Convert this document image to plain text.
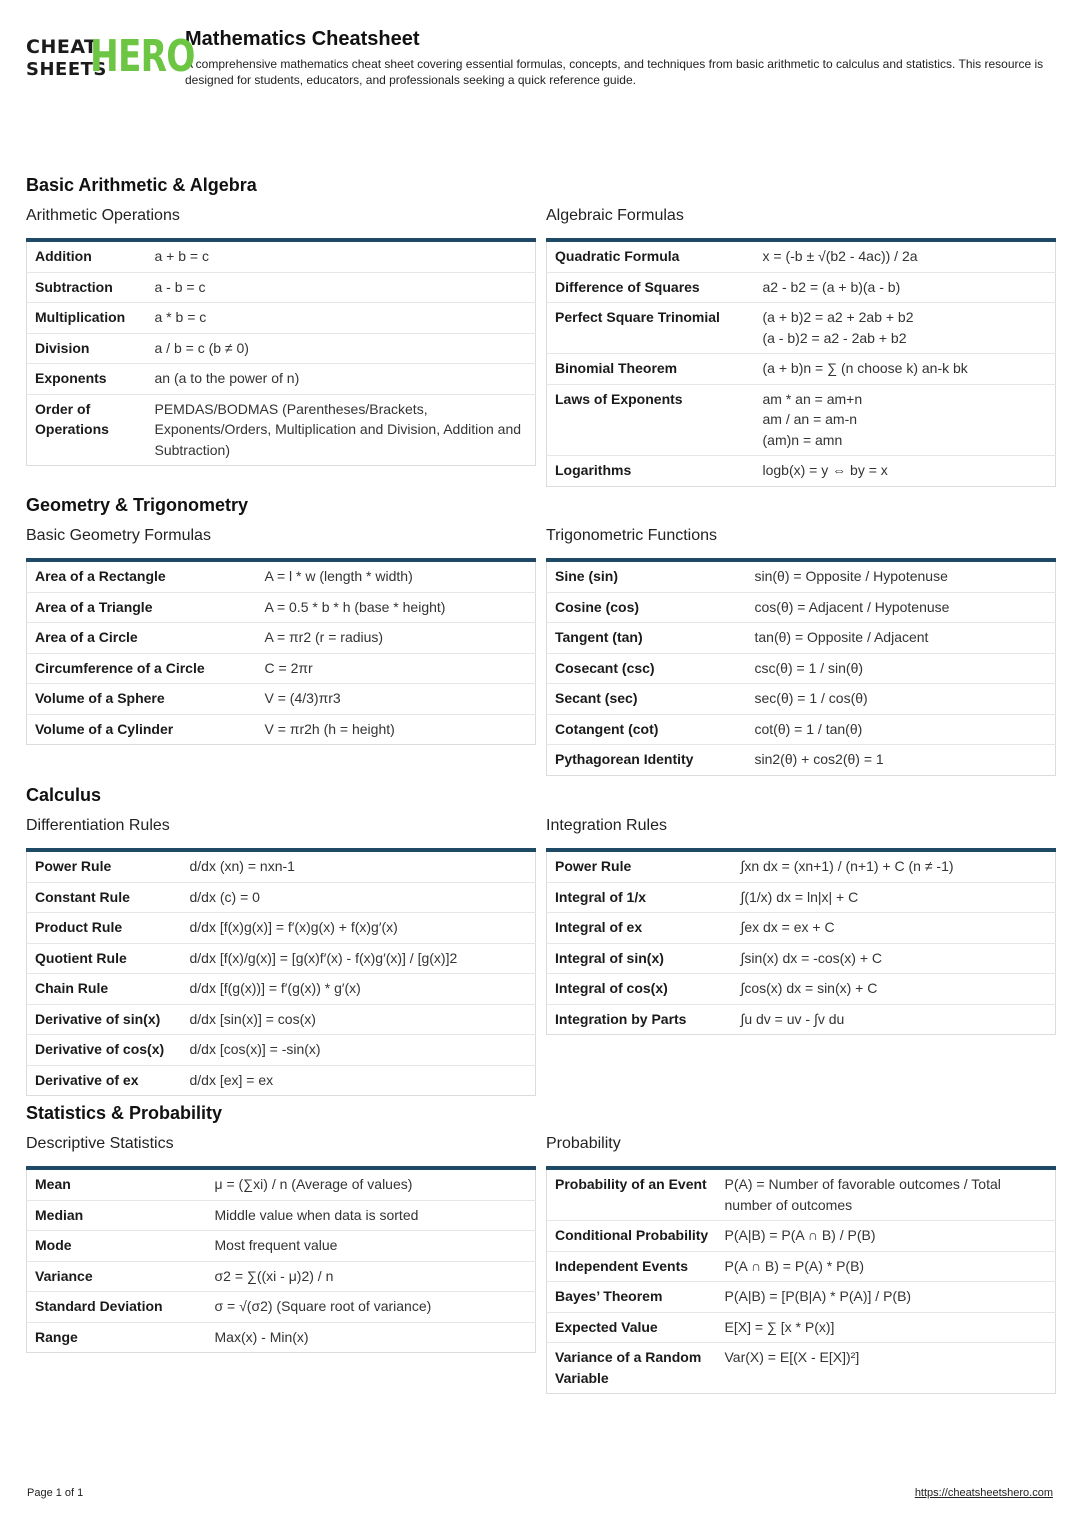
CHEAT
SHEETS
HERO
Mathematics Cheatsheet
A comprehensive mathematics cheat sheet covering essential formulas, concepts, and techniques from basic arithmetic to calculus and statistics. This resource is designed for students, educators, and professionals seeking a quick reference guide.
Basic Arithmetic & Algebra
Arithmetic Operations
Addition	a + b = c
Subtraction	a - b = c
Multiplication	a * b = c
Division	a / b = c (b ≠ 0)
Exponents	an (a to the power of n)
Order of Operations	PEMDAS/BODMAS (Parentheses/Brackets, Exponents/Orders, Multiplication and Division, Addition and Subtraction)
Algebraic Formulas
Quadratic Formula	x = (-b ± √(b2 - 4ac)) / 2a
Difference of Squares	a2 - b2 = (a + b)(a - b)
Perfect Square Trinomial	(a + b)2 = a2 + 2ab + b2
(a - b)2 = a2 - 2ab + b2
Binomial Theorem	(a + b)n = ∑ (n choose k) an-k bk
Laws of Exponents	am * an = am+n
am / an = am-n
(am)n = amn
Logarithms	logb(x) = y ⇔ by = x
Geometry & Trigonometry
Basic Geometry Formulas
Area of a Rectangle	A = l * w (length * width)
Area of a Triangle	A = 0.5 * b * h (base * height)
Area of a Circle	A = πr2 (r = radius)
Circumference of a Circle	C = 2πr
Volume of a Sphere	V = (4/3)πr3
Volume of a Cylinder	V = πr2h (h = height)
Trigonometric Functions
Sine (sin)	sin(θ) = Opposite / Hypotenuse
Cosine (cos)	cos(θ) = Adjacent / Hypotenuse
Tangent (tan)	tan(θ) = Opposite / Adjacent
Cosecant (csc)	csc(θ) = 1 / sin(θ)
Secant (sec)	sec(θ) = 1 / cos(θ)
Cotangent (cot)	cot(θ) = 1 / tan(θ)
Pythagorean Identity	sin2(θ) + cos2(θ) = 1
Calculus
Differentiation Rules
Power Rule	d/dx (xn) = nxn-1
Constant Rule	d/dx (c) = 0
Product Rule	d/dx [f(x)g(x)] = f′(x)g(x) + f(x)g′(x)
Quotient Rule	d/dx [f(x)/g(x)] = [g(x)f′(x) - f(x)g′(x)] / [g(x)]2
Chain Rule	d/dx [f(g(x))] = f′(g(x)) * g′(x)
Derivative of sin(x)	d/dx [sin(x)] = cos(x)
Derivative of cos(x)	d/dx [cos(x)] = -sin(x)
Derivative of ex	d/dx [ex] = ex
Integration Rules
Power Rule	∫xn dx = (xn+1) / (n+1) + C (n ≠ -1)
Integral of 1/x	∫(1/x) dx = ln|x| + C
Integral of ex	∫ex dx = ex + C
Integral of sin(x)	∫sin(x) dx = -cos(x) + C
Integral of cos(x)	∫cos(x) dx = sin(x) + C
Integration by Parts	∫u dv = uv - ∫v du
Statistics & Probability
Descriptive Statistics
Mean	μ = (∑xi) / n (Average of values)
Median	Middle value when data is sorted
Mode	Most frequent value
Variance	σ2 = ∑((xi - μ)2) / n
Standard Deviation	σ = √(σ2) (Square root of variance)
Range	Max(x) - Min(x)
Probability
Probability of an Event	P(A) = Number of favorable outcomes / Total number of outcomes
Conditional Probability	P(A|B) = P(A ∩ B) / P(B)
Independent Events	P(A ∩ B) = P(A) * P(B)
Bayes’ Theorem	P(A|B) = [P(B|A) * P(A)] / P(B)
Expected Value	E[X] = ∑ [x * P(x)]
Variance of a Random Variable	Var(X) = E[(X - E[X])²]
Page 1 of 1	https://cheatsheetshero.com
